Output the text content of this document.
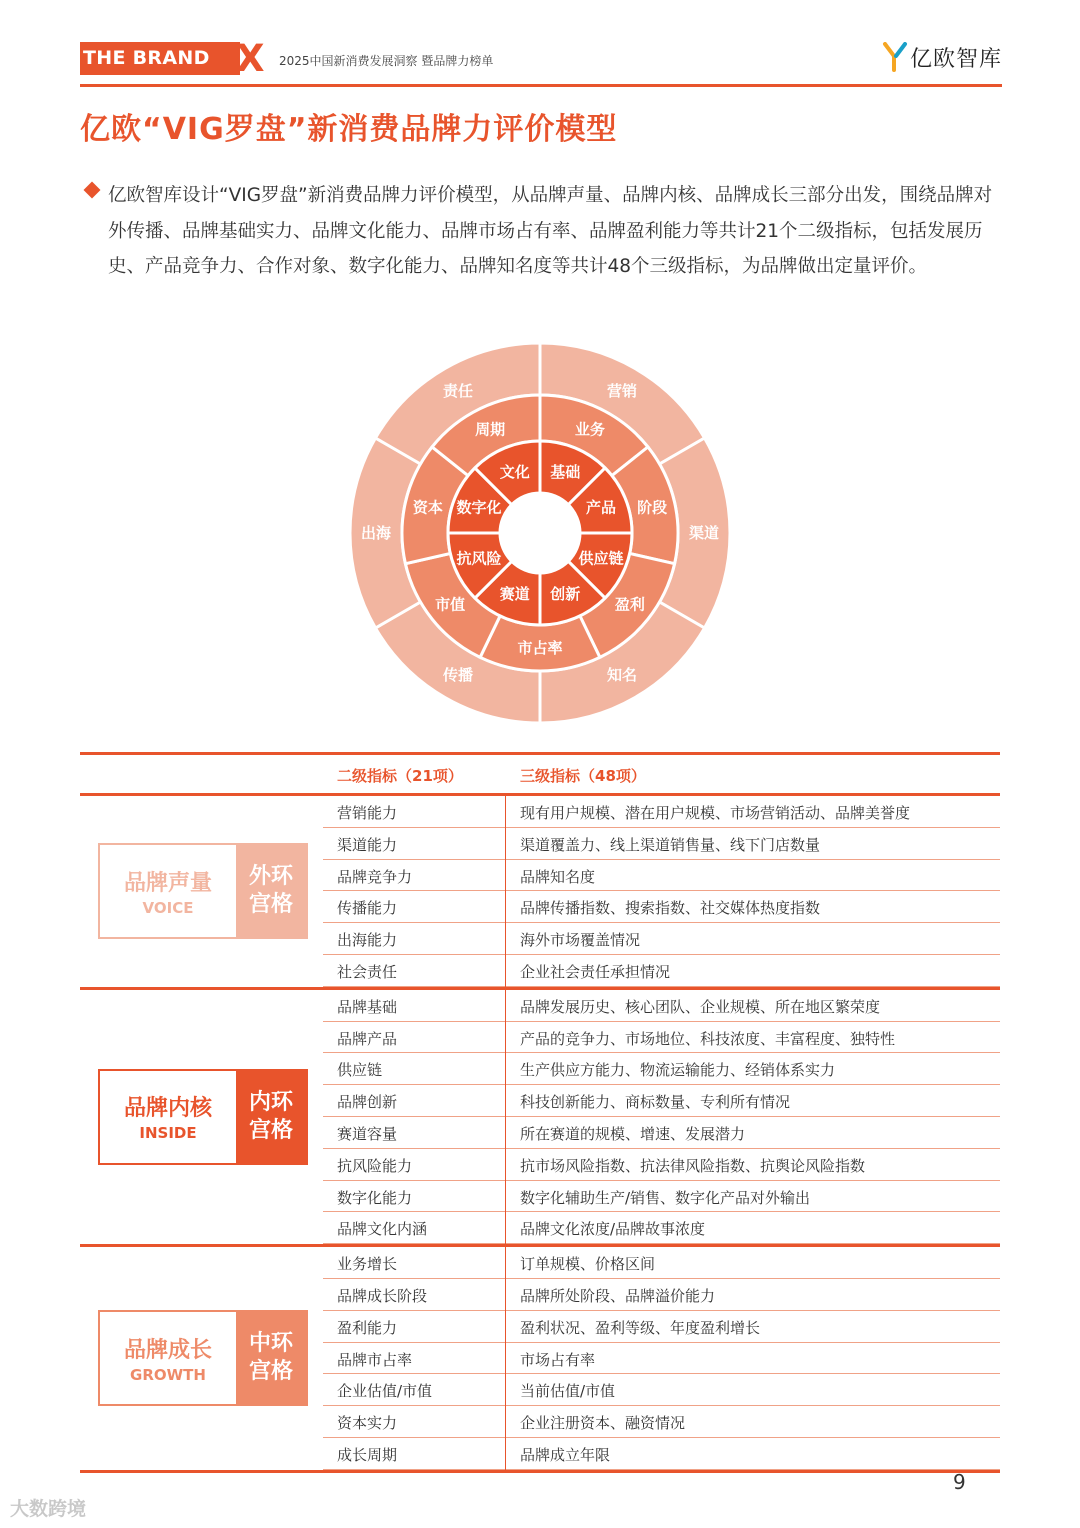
THE BRAND X 2025中国新消费发展洞察 暨品牌力榜单	亿欧智库
亿欧“VIG罗盘”新消费品牌力评价模型

亿欧智库设计“VIG罗盘”新消费品牌力评价模型，从品牌声量、品牌内核、品牌成长三部分出发，围绕品牌对外传播、品牌基础实力、品牌文化能力、品牌市场占有率、品牌盈利能力等共计21个二级指标，包括发展历史、产品竞争力、合作对象、数字化能力、品牌知名度等共计48个三级指标，为品牌做出定量评价。

营销
渠道
知名
传播
出海
责任
业务
阶段
盈利
市占率
市值
资本
周期
基础
产品
供应链
创新
赛道
抗风险
数字化
文化
二级指标（21项）	三级指标（48项）
营销能力	现有用户规模、潜在用户规模、市场营销活动、品牌美誉度
渠道能力	渠道覆盖力、线上渠道销售量、线下门店数量
品牌竞争力	品牌知名度
传播能力	品牌传播指数、搜索指数、社交媒体热度指数
出海能力	海外市场覆盖情况
社会责任	企业社会责任承担情况
品牌声量
VOICE
外环
宫格
品牌基础	品牌发展历史、核心团队、企业规模、所在地区繁荣度
品牌产品	产品的竞争力、市场地位、科技浓度、丰富程度、独特性
供应链	生产供应方能力、物流运输能力、经销体系实力
品牌创新	科技创新能力、商标数量、专利所有情况
赛道容量	所在赛道的规模、增速、发展潜力
抗风险能力	抗市场风险指数、抗法律风险指数、抗舆论风险指数
数字化能力	数字化辅助生产/销售、数字化产品对外输出
品牌文化内涵	品牌文化浓度/品牌故事浓度
品牌内核
INSIDE
内环
宫格
业务增长	订单规模、价格区间
品牌成长阶段	品牌所处阶段、品牌溢价能力
盈利能力	盈利状况、盈利等级、年度盈利增长
品牌市占率	市场占有率
企业估值/市值	当前估值/市值
资本实力	企业注册资本、融资情况
成长周期	品牌成立年限
品牌成长
GROWTH
中环
宫格
9
大数跨境
